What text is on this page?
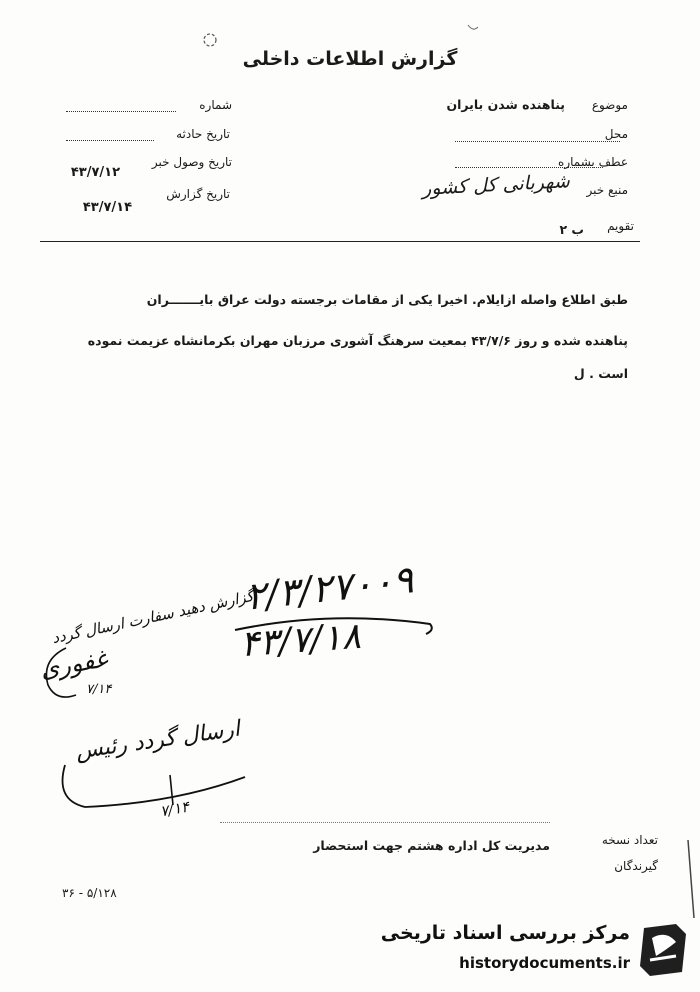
گزارش اطلاعات داخلی
موضوع
پناهنده شدن بایران
محل
عطف بشماره
منبع خبر
شهربانی کل کشور
تقویم
ب ۲
شماره
تاریخ حادثه
تاریخ وصول خبر
۴۳/۷/۱۲
تاریخ گزارش
۴۳/۷/۱۴
طبق اطلاع واصله ازایلام. اخیرا یکی از مقامات برجسته دولت عراق بایـــــــران
پناهنده شده و روز ۴۳/۷/۶ بمعیت سرهنگ آشوری مرزبان مهران بکرمانشاه عزیمت نموده
است . ل
۲/۳/۲۷۰۰۹
۴۳/۷/۱۸
گزارش دهید سفارت ارسال گردد
غفوری
۷/۱۴
ارسال گردد رئیس
۷/۱۴
تعداد نسخه
مدیریت کل اداره هشتم جهت استحضار
گیرندگان
۳۶ - ۵/۱۲۸
مرکز بررسی اسناد تاریخی
historydocuments.ir
